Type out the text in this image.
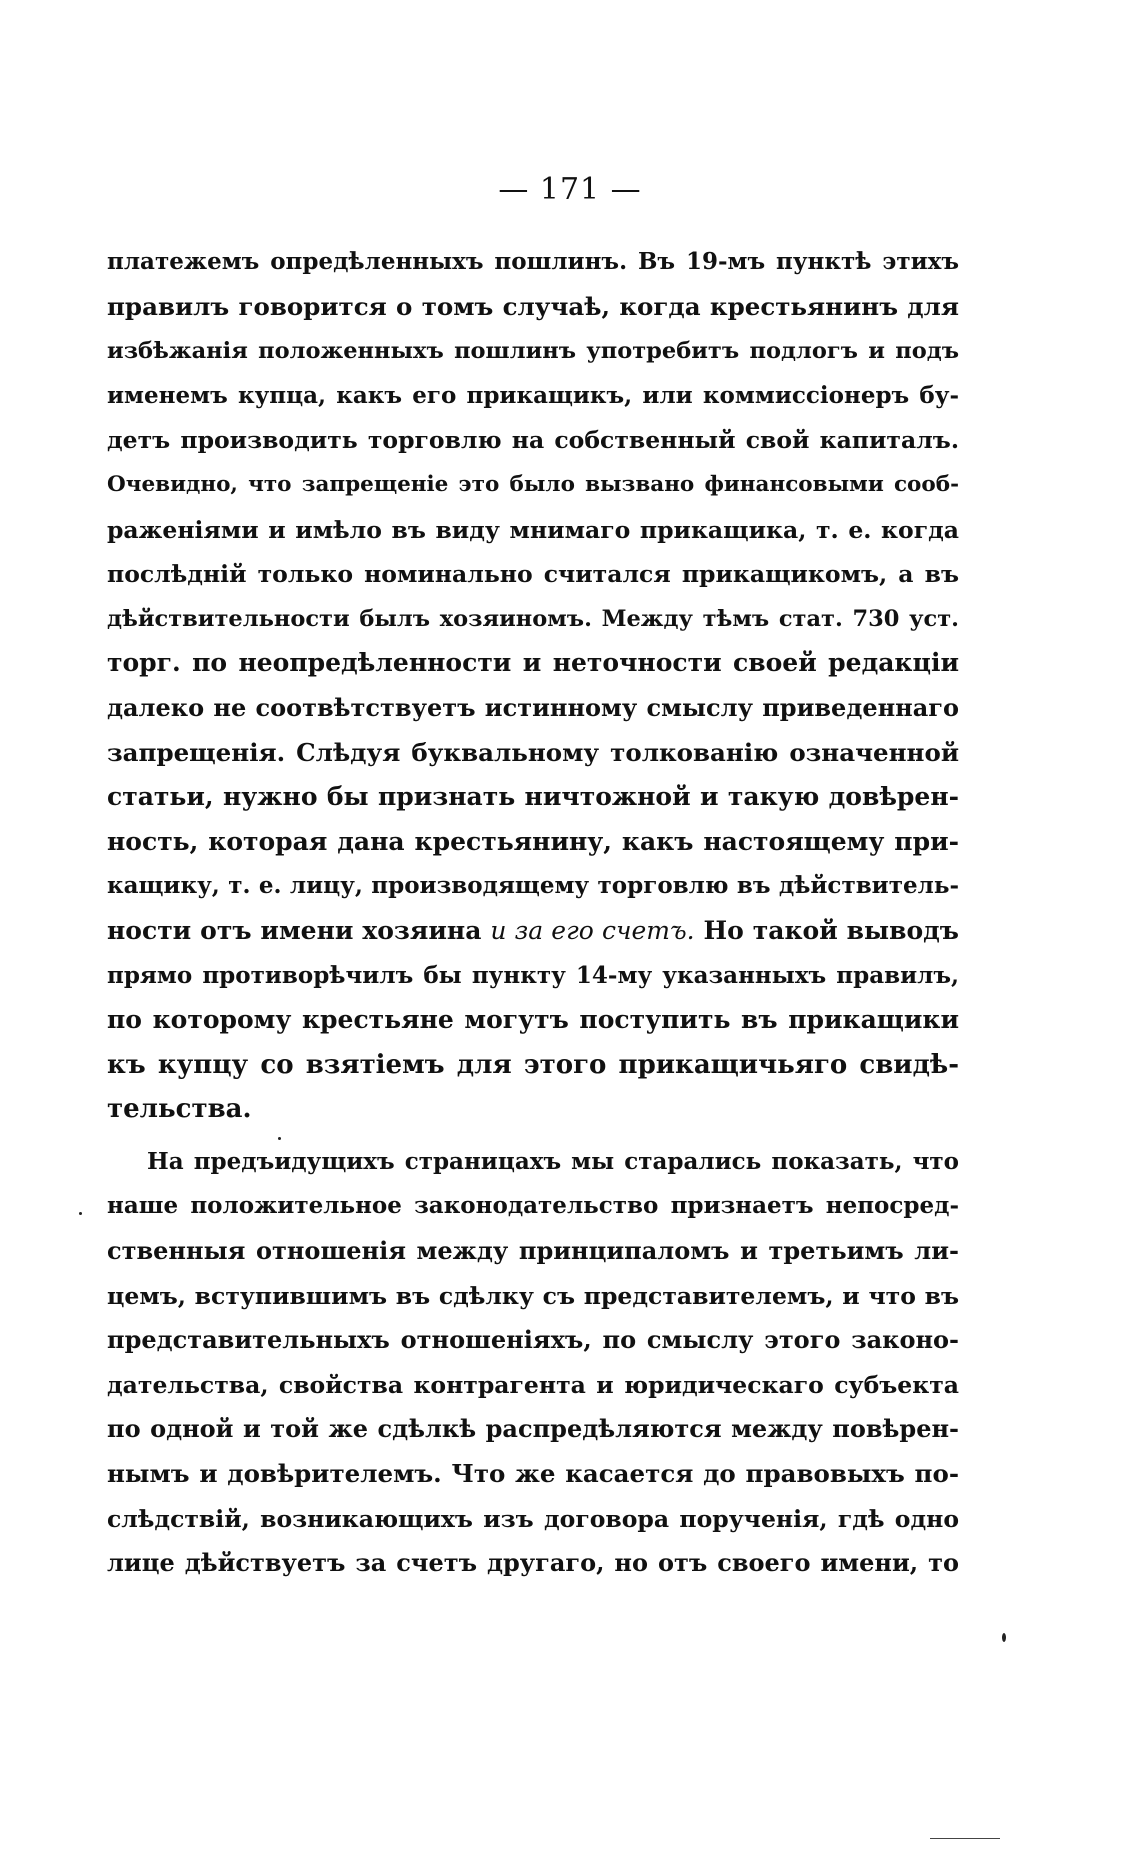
— 171 —
платежемъ опредѣленныхъ пошлинъ. Въ 19-мъ пунктѣ этихъ
правилъ говорится о томъ случаѣ, когда крестьянинъ для
избѣжанія положенныхъ пошлинъ употребитъ подлогъ и подъ
именемъ купца, какъ его прикащикъ, или коммиссіонеръ бу-
детъ производить торговлю на собственный свой капиталъ.
Очевидно, что запрещеніе это было вызвано финансовыми сооб-
раженіями и имѣло въ виду мнимаго прикащика, т. е. когда
послѣдній только номинально считался прикащикомъ, а въ
дѣйствительности былъ хозяиномъ. Между тѣмъ стат. 730 уст.
торг. по неопредѣленности и неточности своей редакціи
далеко не соотвѣтствуетъ истинному смыслу приведеннаго
запрещенія. Слѣдуя буквальному толкованію означенной
статьи, нужно бы признать ничтожной и такую довѣрен-
ность, которая дана крестьянину, какъ настоящему при-
кащику, т. е. лицу, производящему торговлю въ дѣйствитель-
ности отъ имени хозяина и за его счетъ. Но такой выводъ
прямо противорѣчилъ бы пункту 14-му указанныхъ правилъ,
по которому крестьяне могутъ поступить въ прикащики
къ купцу со взятіемъ для этого прикащичьяго свидѣ-
тельства.
На предъидущихъ страницахъ мы старались показать, что
наше положительное законодательство признаетъ непосред-
ственныя отношенія между принципаломъ и третьимъ ли-
цемъ, вступившимъ въ сдѣлку съ представителемъ, и что въ
представительныхъ отношеніяхъ, по смыслу этого законо-
дательства, свойства контрагента и юридическаго субъекта
по одной и той же сдѣлкѣ распредѣляются между повѣрен-
нымъ и довѣрителемъ. Что же касается до правовыхъ по-
слѣдствій, возникающихъ изъ договора порученія, гдѣ одно
лице дѣйствуетъ за счетъ другаго, но отъ своего имени, то
